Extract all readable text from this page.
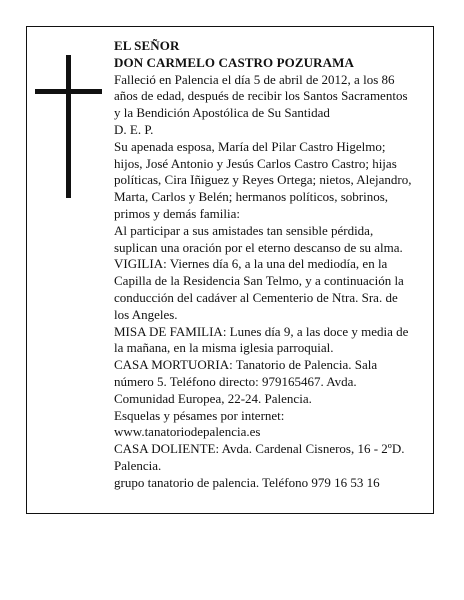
EL SEÑOR

DON CARMELO CASTRO POZURAMA

Falleció en Palencia el día 5 de abril de 2012, a los 86 años de edad, después de recibir los Santos Sacramentos y la Bendición Apostólica de Su Santidad

D. E. P.

Su apenada esposa, María del Pilar Castro Higelmo; hijos, José Antonio y Jesús Carlos Castro Castro; hijas políticas, Cira Iñiguez y Reyes Ortega; nietos, Alejandro, Marta, Carlos y Belén; hermanos políticos, sobrinos, primos y demás familia:

Al participar a sus amistades tan sensible pérdida, suplican una oración por el eterno descanso de su alma.

VIGILIA: Viernes día 6, a la una del mediodía, en la Capilla de la Residencia San Telmo, y a continuación la conducción del cadáver al Cementerio de Ntra. Sra. de los Angeles.

MISA DE FAMILIA: Lunes día 9, a las doce y media de la mañana, en la misma iglesia parroquial.

CASA MORTUORIA: Tanatorio de Palencia. Sala número 5. Teléfono directo: 979165467. Avda. Comunidad Europea, 22-24. Palencia.

Esquelas y pésames por internet:

www.tanatoriodepalencia.es

CASA DOLIENTE: Avda. Cardenal Cisneros, 16 - 2ºD. Palencia.

grupo tanatorio de palencia. Teléfono 979 16 53 16
